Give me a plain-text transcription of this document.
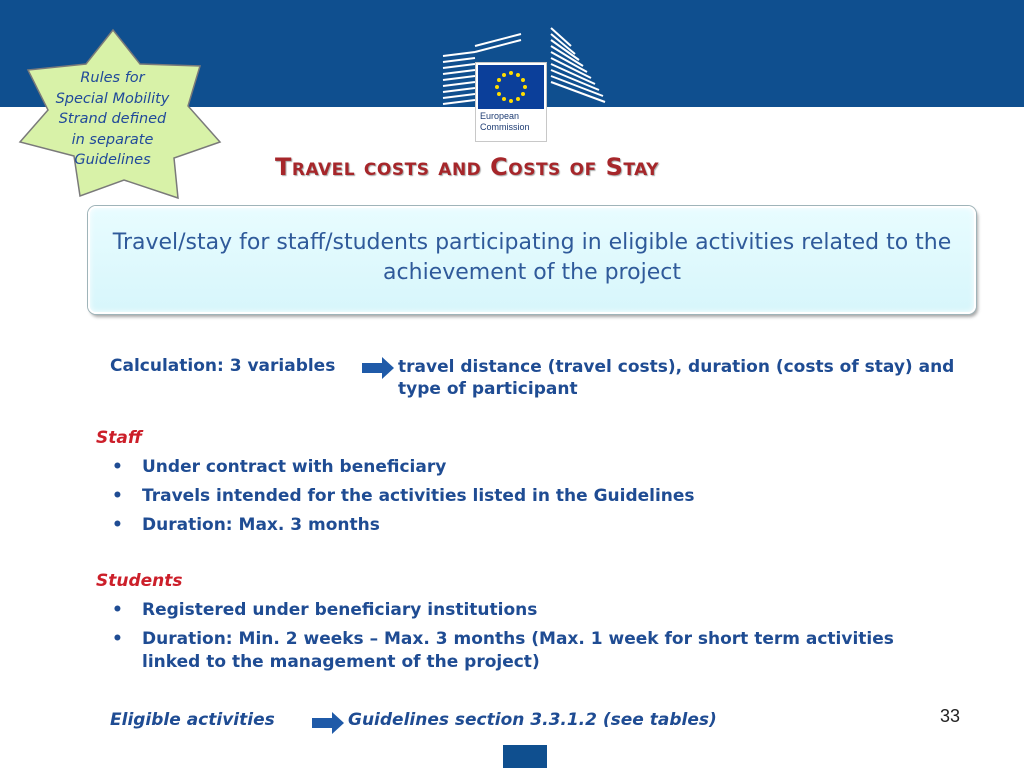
European
Commission
Rules for
Special Mobility
Strand defined
in separate
Guidelines	Travel costs and Costs of Stay
Travel/stay for staff/students participating in eligible activities related to the achievement of the project
Calculation: 3 variables	travel distance (travel costs), duration (costs of stay) and type of participant
Staff
• Under contract with beneficiary
• Travels intended for the activities listed in the Guidelines
• Duration: Max. 3 months
Students
• Registered under beneficiary institutions
• Duration: Min. 2 weeks – Max. 3 months (Max. 1 week for short term activities linked to the management of the project)
Eligible activities	Guidelines section 3.3.1.2 (see tables)	33
